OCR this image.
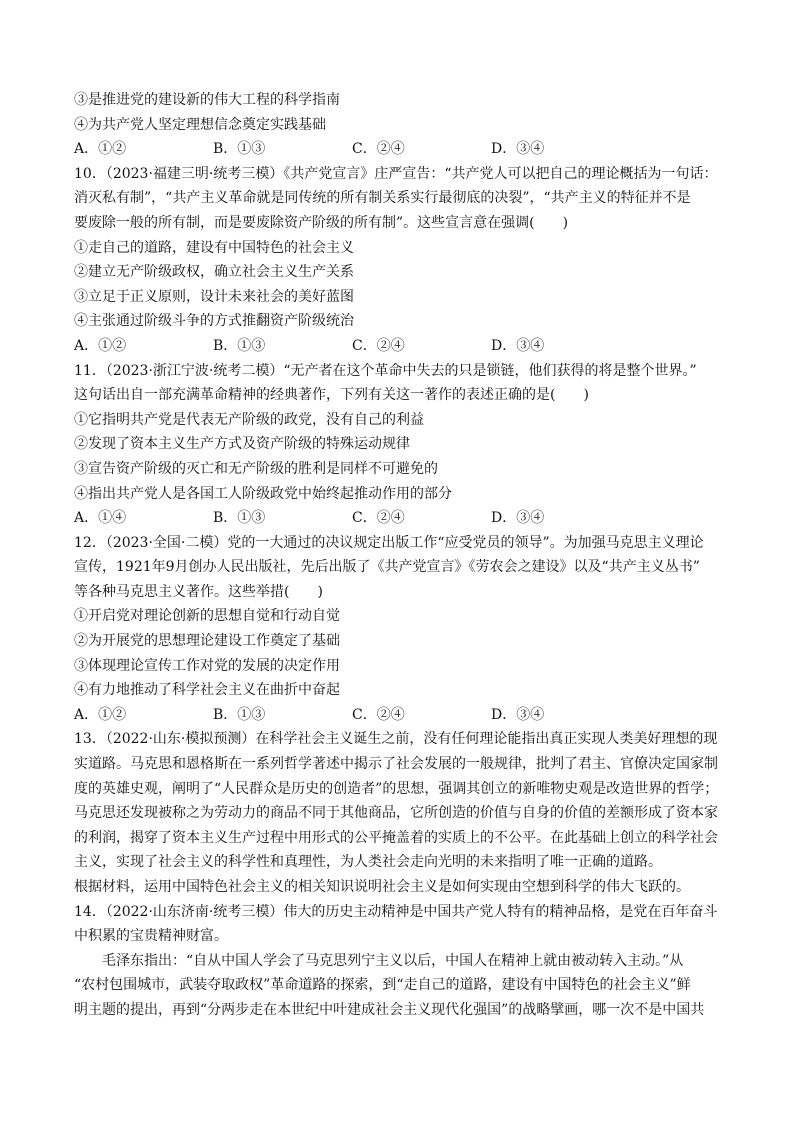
③是推进党的建设新的伟大工程的科学指南
④为共产党人坚定理想信念奠定实践基础
A．①②	B．①③	C．②④	D．③④
10．（2023·福建三明·统考三模）《共产党宣言》庄严宣告：“共产党人可以把自己的理论概括为一句话：
消灭私有制”，“共产主义革命就是同传统的所有制关系实行最彻底的决裂”，“共产主义的特征并不是
要废除一般的所有制，而是要废除资产阶级的所有制”。这些宣言意在强调(　　)
①走自己的道路，建设有中国特色的社会主义
②建立无产阶级政权，确立社会主义生产关系
③立足于正义原则，设计未来社会的美好蓝图
④主张通过阶级斗争的方式推翻资产阶级统治
A．①②	B．①③	C．②④	D．③④
11．（2023·浙江宁波·统考二模）“无产者在这个革命中失去的只是锁链，他们获得的将是整个世界。”
这句话出自一部充满革命精神的经典著作，下列有关这一著作的表述正确的是(　　)
①它指明共产党是代表无产阶级的政党，没有自己的利益
②发现了资本主义生产方式及资产阶级的特殊运动规律
③宣告资产阶级的灭亡和无产阶级的胜利是同样不可避免的
④指出共产党人是各国工人阶级政党中始终起推动作用的部分
A．①④	B．①③	C．②④	D．③④
12．（2023·全国·二模）党的一大通过的决议规定出版工作“应受党员的领导”。为加强马克思主义理论
宣传，1921年9月创办人民出版社，先后出版了《共产党宣言》《劳农会之建设》以及“共产主义丛书”
等各种马克思主义著作。这些举措(　　)
①开启党对理论创新的思想自觉和行动自觉
②为开展党的思想理论建设工作奠定了基础
③体现理论宣传工作对党的发展的决定作用
④有力地推动了科学社会主义在曲折中奋起
A．①②	B．①③	C．②④	D．③④
13．（2022·山东·模拟预测）在科学社会主义诞生之前，没有任何理论能指出真正实现人类美好理想的现
实道路。马克思和恩格斯在一系列哲学著述中揭示了社会发展的一般规律，批判了君主、官僚决定国家制
度的英雄史观，阐明了“人民群众是历史的创造者”的思想，强调其创立的新唯物史观是改造世界的哲学；
马克思还发现被称之为劳动力的商品不同于其他商品，它所创造的价值与自身的价值的差额形成了资本家
的利润，揭穿了资本主义生产过程中用形式的公平掩盖着的实质上的不公平。在此基础上创立的科学社会
主义，实现了社会主义的科学性和真理性，为人类社会走向光明的未来指明了唯一正确的道路。
根据材料，运用中国特色社会主义的相关知识说明社会主义是如何实现由空想到科学的伟大飞跃的。
14．（2022·山东济南·统考三模）伟大的历史主动精神是中国共产党人特有的精神品格，是党在百年奋斗
中积累的宝贵精神财富。
毛泽东指出：“自从中国人学会了马克思列宁主义以后，中国人在精神上就由被动转入主动。”从
“农村包围城市，武装夺取政权”革命道路的探索，到“走自己的道路，建设有中国特色的社会主义”鲜
明主题的提出，再到“分两步走在本世纪中叶建成社会主义现代化强国”的战略擘画，哪一次不是中国共
